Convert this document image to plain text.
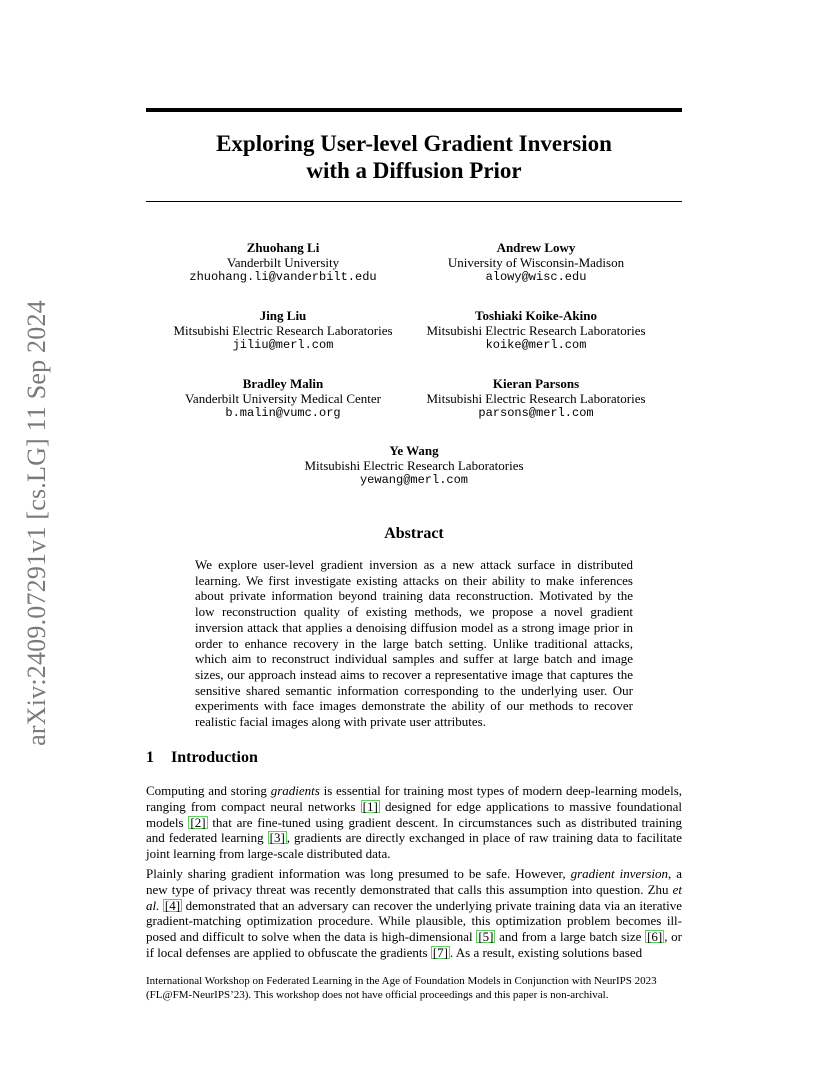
arXiv:2409.07291v1 [cs.LG] 11 Sep 2024
Exploring User-level Gradient Inversion
with a Diffusion Prior
Zhuohang Li
Vanderbilt University
zhuohang.li@vanderbilt.edu
Andrew Lowy
University of Wisconsin-Madison
alowy@wisc.edu
Jing Liu
Mitsubishi Electric Research Laboratories
jiliu@merl.com
Toshiaki Koike-Akino
Mitsubishi Electric Research Laboratories
koike@merl.com
Bradley Malin
Vanderbilt University Medical Center
b.malin@vumc.org
Kieran Parsons
Mitsubishi Electric Research Laboratories
parsons@merl.com
Ye Wang
Mitsubishi Electric Research Laboratories
yewang@merl.com
Abstract

We explore user-level gradient inversion as a new attack surface in distributed learning. We first investigate existing attacks on their ability to make inferences about private information beyond training data reconstruction. Motivated by the low reconstruction quality of existing methods, we propose a novel gradient inversion attack that applies a denoising diffusion model as a strong image prior in order to enhance recovery in the large batch setting. Unlike traditional attacks, which aim to reconstruct individual samples and suffer at large batch and image sizes, our approach instead aims to recover a representative image that captures the sensitive shared semantic information corresponding to the underlying user. Our experiments with face images demonstrate the ability of our methods to recover realistic facial images along with private user attributes.

1 Introduction

Computing and storing gradients is essential for training most types of modern deep-learning models, ranging from compact neural networks [1] designed for edge applications to massive foundational models [2] that are fine-tuned using gradient descent. In circumstances such as distributed training and federated learning [3] , gradients are directly exchanged in place of raw training data to facilitate joint learning from large-scale distributed data.

Plainly sharing gradient information was long presumed to be safe. However, gradient inversion, a new type of privacy threat was recently demonstrated that calls this assumption into question. Zhu et al. [4] demonstrated that an adversary can recover the underlying private training data via an iterative gradient-matching optimization procedure. While plausible, this optimization problem becomes ill-posed and difficult to solve when the data is high-dimensional [5] and from a large batch size [6] , or if local defenses are applied to obfuscate the gradients [7] . As a result, existing solutions based

International Workshop on Federated Learning in the Age of Foundation Models in Conjunction with NeurIPS 2023 (FL@FM-NeurIPS’23). This workshop does not have official proceedings and this paper is non-archival.
